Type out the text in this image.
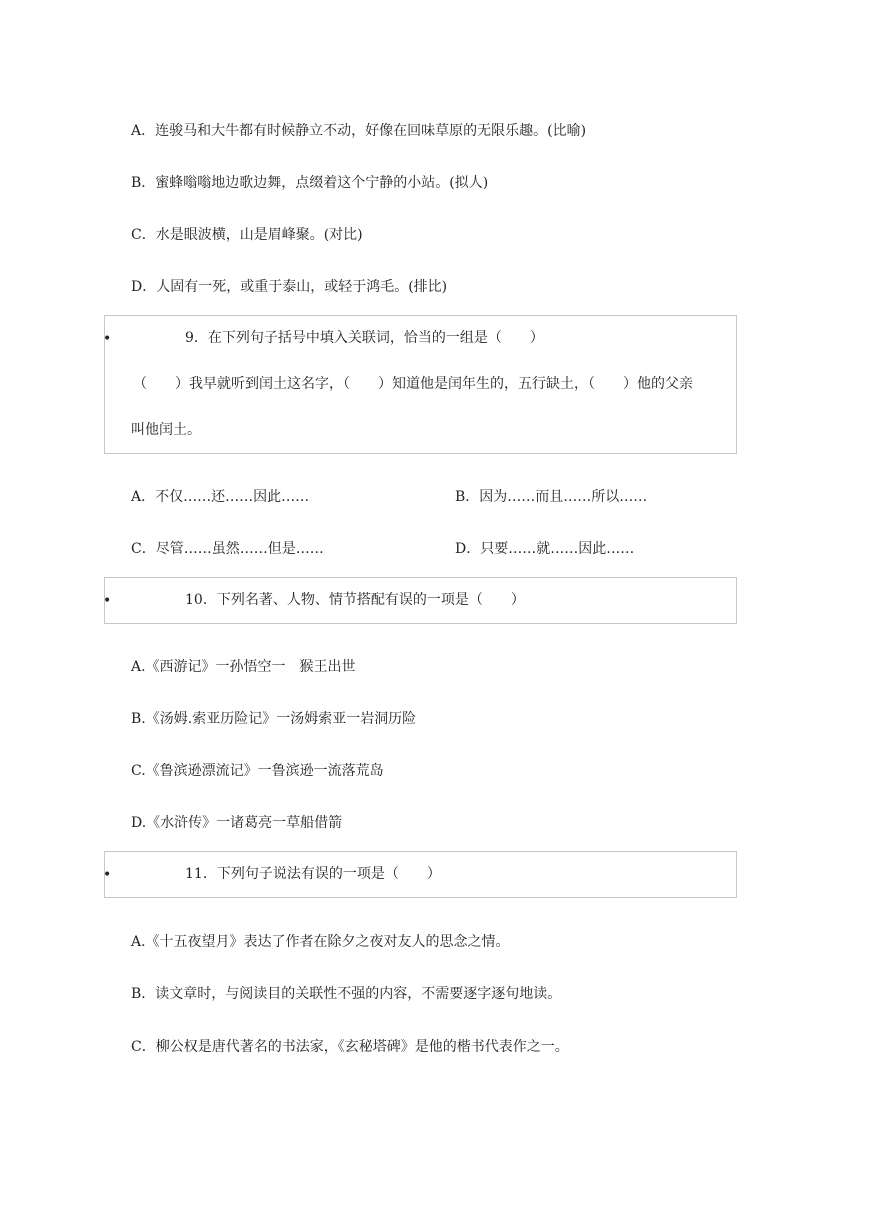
A．连骏马和大牛都有时候静立不动，好像在回味草原的无限乐趣。(比喻)
B．蜜蜂嗡嗡地边歌边舞，点缀着这个宁静的小站。(拟人)
C．水是眼波横，山是眉峰聚。(对比)
D．人固有一死，或重于泰山，或轻于鸿毛。(排比)
•	9．在下列句子括号中填入关联词，恰当的一组是（　　）
（　　）我早就听到闰土这名字，（　　）知道他是闰年生的，五行缺土，（　　）他的父亲
叫他闰土。
A．不仅……还……因此……	B．因为……而且……所以……
C．尽管……虽然……但是……	D．只要……就……因此……
•	10．下列名著、人物、情节搭配有误的一项是（　　）
A.《西游记》一孙悟空一　猴王出世
B.《汤姆.索亚历险记》一汤姆索亚一岩洞历险
C.《鲁滨逊漂流记》一鲁滨逊一流落荒岛
D.《水浒传》一诸葛亮一草船借箭
•	11．下列句子说法有误的一项是（　　）
A.《十五夜望月》表达了作者在除夕之夜对友人的思念之情。
B．读文章时，与阅读目的关联性不强的内容，不需要逐字逐句地读。
C．柳公权是唐代著名的书法家，《玄秘塔碑》是他的楷书代表作之一。
